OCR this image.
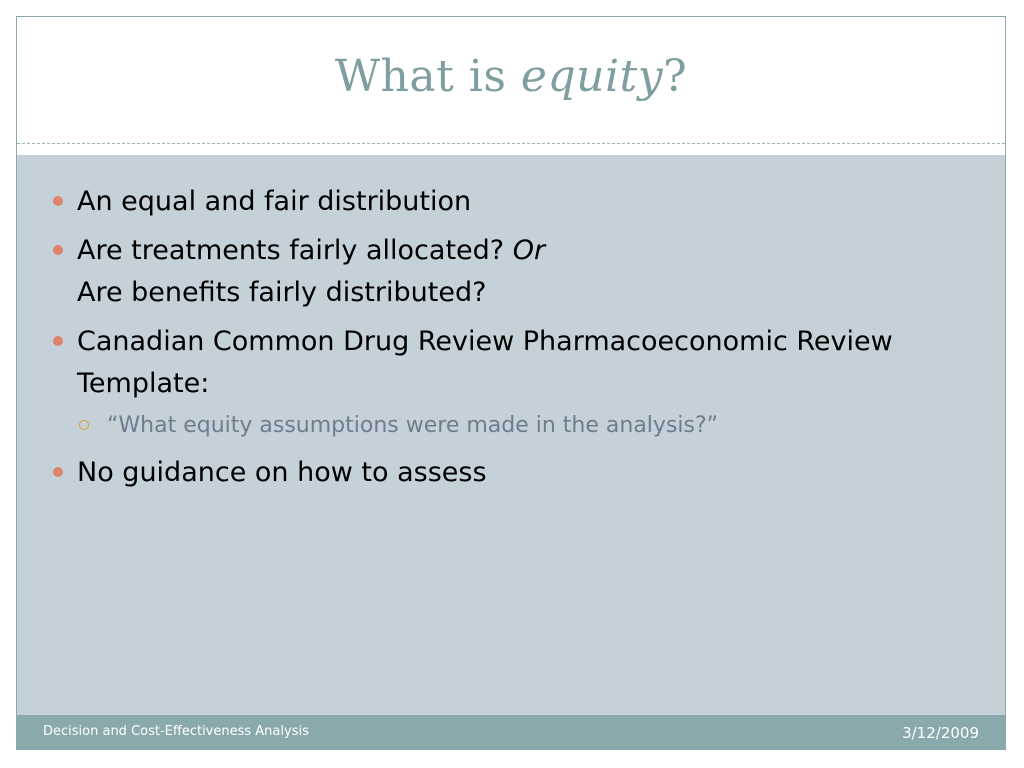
What is equity?
An equal and fair distribution
Are treatments fairly allocated? Or
Are benefits fairly distributed?
Canadian Common Drug Review Pharmacoeconomic Review Template:
“What equity assumptions were made in the analysis?”
No guidance on how to assess
Decision and Cost-Effectiveness Analysis	3/12/2009
